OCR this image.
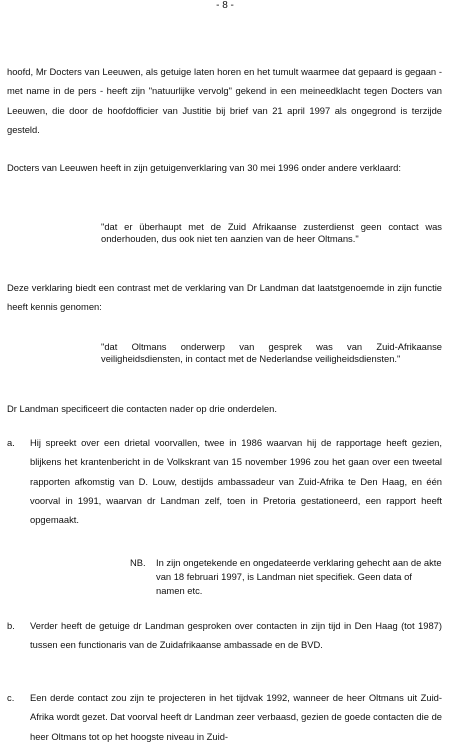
- 8 -

hoofd, Mr Docters van Leeuwen, als getuige laten horen en het tumult waarmee dat gepaard is gegaan - met name in de pers - heeft zijn "natuurlijke vervolg" gekend in een meineedklacht tegen Docters van Leeuwen, die door de hoofdofficier van Justitie bij brief van 21 april 1997 als ongegrond is terzijde gesteld.

Docters van Leeuwen heeft in zijn getuigenverklaring van 30 mei 1996 onder andere verklaard:

"dat er überhaupt met de Zuid Afrikaanse zusterdienst geen contact was onderhouden, dus ook niet ten aanzien van de heer Oltmans."

Deze verklaring biedt een contrast met de verklaring van Dr Landman dat laatstgenoemde in zijn functie heeft kennis genomen:

"dat Oltmans onderwerp van gesprek was van Zuid-Afrikaanse veiligheidsdiensten, in contact met de Nederlandse veiligheidsdiensten."

Dr Landman specificeert die contacten nader op drie onderdelen.

a. Hij spreekt over een drietal voorvallen, twee in 1986 waarvan hij de rapportage heeft gezien, blijkens het krantenbericht in de Volkskrant van 15 november 1996 zou het gaan over een tweetal rapporten afkomstig van D. Louw, destijds ambassadeur van Zuid-Afrika te Den Haag, en één voorval in 1991, waarvan dr Landman zelf, toen in Pretoria gestationeerd, een rapport heeft opgemaakt.

NB. In zijn ongetekende en ongedateerde verklaring gehecht aan de akte van 18 februari 1997, is Landman niet specifiek. Geen data of namen etc.

b. Verder heeft de getuige dr Landman gesproken over contacten in zijn tijd in Den Haag (tot 1987) tussen een functionaris van de Zuidafrikaanse ambassade en de BVD.

c. Een derde contact zou zijn te projecteren in het tijdvak 1992, wanneer de heer Oltmans uit Zuid-Afrika wordt gezet. Dat voorval heeft dr Landman zeer verbaasd, gezien de goede contacten die de heer Oltmans tot op het hoogste niveau in Zuid-
